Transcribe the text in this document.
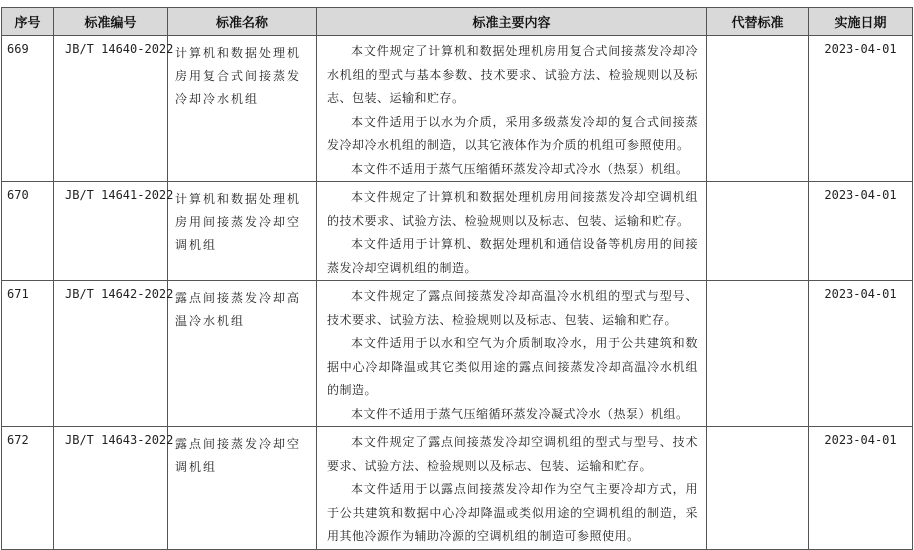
序号	标准编号	标准名称	标准主要内容	代替标准	实施日期
669	JB/T 14640-2022	计算机和数据处理机房用复合式间接蒸发冷却冷水机组	本文件规定了计算机和数据处理机房用复合式间接蒸发冷却冷水机组的型式与基本参数、技术要求、试验方法、检验规则以及标志、包装、运输和贮存。

本文件适用于以水为介质，采用多级蒸发冷却的复合式间接蒸发冷却冷水机组的制造，以其它液体作为介质的机组可参照使用。

本文件不适用于蒸气压缩循环蒸发冷却式冷水（热泵）机组。		2023-04-01
670	JB/T 14641-2022	计算机和数据处理机房用间接蒸发冷却空调机组	本文件规定了计算机和数据处理机房用间接蒸发冷却空调机组的技术要求、试验方法、检验规则以及标志、包装、运输和贮存。

本文件适用于计算机、数据处理机和通信设备等机房用的间接蒸发冷却空调机组的制造。		2023-04-01
671	JB/T 14642-2022	露点间接蒸发冷却高温冷水机组	本文件规定了露点间接蒸发冷却高温冷水机组的型式与型号、技术要求、试验方法、检验规则以及标志、包装、运输和贮存。

本文件适用于以水和空气为介质制取冷水，用于公共建筑和数据中心冷却降温或其它类似用途的露点间接蒸发冷却高温冷水机组的制造。

本文件不适用于蒸气压缩循环蒸发冷凝式冷水（热泵）机组。		2023-04-01
672	JB/T 14643-2022	露点间接蒸发冷却空调机组	本文件规定了露点间接蒸发冷却空调机组的型式与型号、技术要求、试验方法、检验规则以及标志、包装、运输和贮存。

本文件适用于以露点间接蒸发冷却作为空气主要冷却方式，用于公共建筑和数据中心冷却降温或类似用途的空调机组的制造，采用其他冷源作为辅助冷源的空调机组的制造可参照使用。		2023-04-01
